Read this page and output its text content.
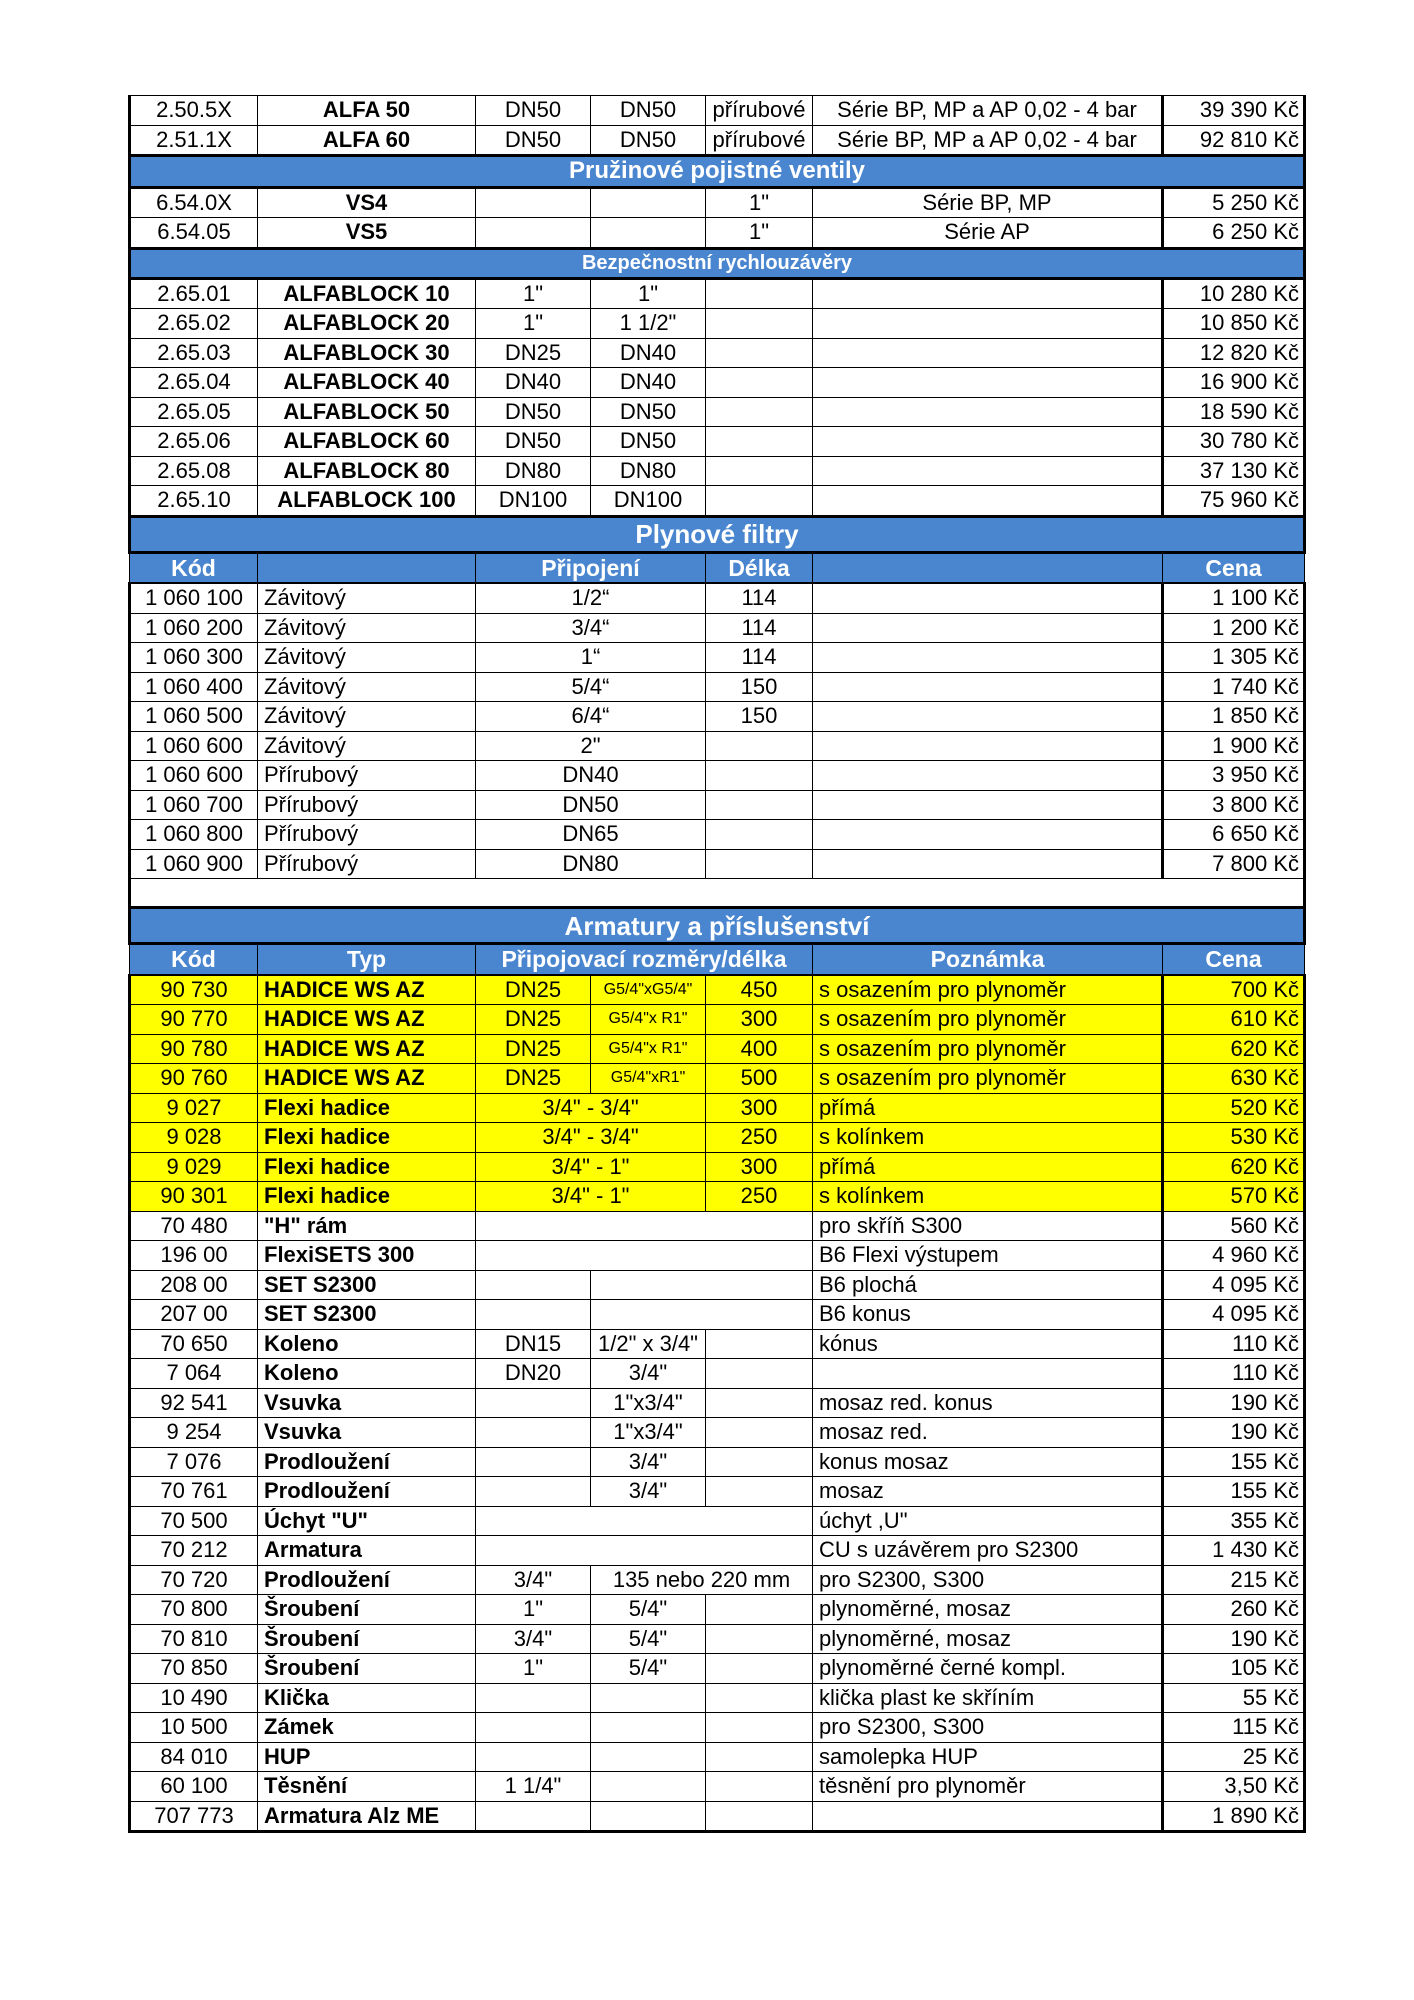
2.50.5X	ALFA 50	DN50	DN50	přírubové	Série BP, MP a AP 0,02 - 4 bar	39 390 Kč
2.51.1X	ALFA 60	DN50	DN50	přírubové	Série BP, MP a AP 0,02 - 4 bar	92 810 Kč
Pružinové pojistné ventily						
6.54.0X	VS4			1"	Série BP, MP	5 250 Kč
6.54.05	VS5			1"	Série AP	6 250 Kč
Bezpečnostní rychlouzávěry						
2.65.01	ALFABLOCK 10	1"	1"			10 280 Kč
2.65.02	ALFABLOCK 20	1"	1 1/2"			10 850 Kč
2.65.03	ALFABLOCK 30	DN25	DN40			12 820 Kč
2.65.04	ALFABLOCK 40	DN40	DN40			16 900 Kč
2.65.05	ALFABLOCK 50	DN50	DN50			18 590 Kč
2.65.06	ALFABLOCK 60	DN50	DN50			30 780 Kč
2.65.08	ALFABLOCK 80	DN80	DN80			37 130 Kč
2.65.10	ALFABLOCK 100	DN100	DN100			75 960 Kč
Plynové filtry						
Kód		Připojení		Délka		Cena
1 060 100	Závitový	1/2“		114		1 100 Kč
1 060 200	Závitový	3/4“		114		1 200 Kč
1 060 300	Závitový	1“		114		1 305 Kč
1 060 400	Závitový	5/4“		150		1 740 Kč
1 060 500	Závitový	6/4“		150		1 850 Kč
1 060 600	Závitový	2"				1 900 Kč
1 060 600	Přírubový	DN40				3 950 Kč
1 060 700	Přírubový	DN50				3 800 Kč
1 060 800	Přírubový	DN65				6 650 Kč
1 060 900	Přírubový	DN80				7 800 Kč

Armatury a příslušenství						
Kód	Typ	Připojovací rozměry/délka			Poznámka	Cena
90 730	HADICE WS AZ	DN25	G5/4"xG5/4"	450	s osazením pro plynoměr	700 Kč
90 770	HADICE WS AZ	DN25	G5/4"x R1"	300	s osazením pro plynoměr	610 Kč
90 780	HADICE WS AZ	DN25	G5/4"x R1"	400	s osazením pro plynoměr	620 Kč
90 760	HADICE WS AZ	DN25	G5/4"xR1"	500	s osazením pro plynoměr	630 Kč
9 027	Flexi hadice	3/4" - 3/4"		300	přímá	520 Kč
9 028	Flexi hadice	3/4" - 3/4"		250	s kolínkem	530 Kč
9 029	Flexi hadice	3/4" - 1"		300	přímá	620 Kč
90 301	Flexi hadice	3/4" - 1"		250	s kolínkem	570 Kč
70 480	"H" rám				pro skříň S300	560 Kč
196 00	FlexiSETS 300				B6 Flexi výstupem	4 960 Kč
208 00	SET S2300				B6 plochá	4 095 Kč
207 00	SET S2300				B6 konus	4 095 Kč
70 650	Koleno	DN15	1/2" x 3/4"		kónus	110 Kč
7 064	Koleno	DN20	3/4"			110 Kč
92 541	Vsuvka		1"x3/4"		mosaz red. konus	190 Kč
9 254	Vsuvka		1"x3/4"		mosaz red.	190 Kč
7 076	Prodloužení		3/4"		konus mosaz	155 Kč
70 761	Prodloužení		3/4"		mosaz	155 Kč
70 500	Úchyt "U"				úchyt ,U"	355 Kč
70 212	Armatura				CU s uzávěrem pro S2300	1 430 Kč
70 720	Prodloužení	3/4"	135 nebo 220 mm		pro S2300, S300	215 Kč
70 800	Šroubení	1"	5/4"		plynoměrné, mosaz	260 Kč
70 810	Šroubení	3/4"	5/4"		plynoměrné, mosaz	190 Kč
70 850	Šroubení	1"	5/4"		plynoměrné černé kompl.	105 Kč
10 490	Klička				klička plast ke skříním	55 Kč
10 500	Zámek				pro S2300, S300	115 Kč
84 010	HUP				samolepka HUP	25 Kč
60 100	Těsnění	1 1/4"			těsnění pro plynoměr	3,50 Kč
707 773	Armatura Alz ME					1 890 Kč
